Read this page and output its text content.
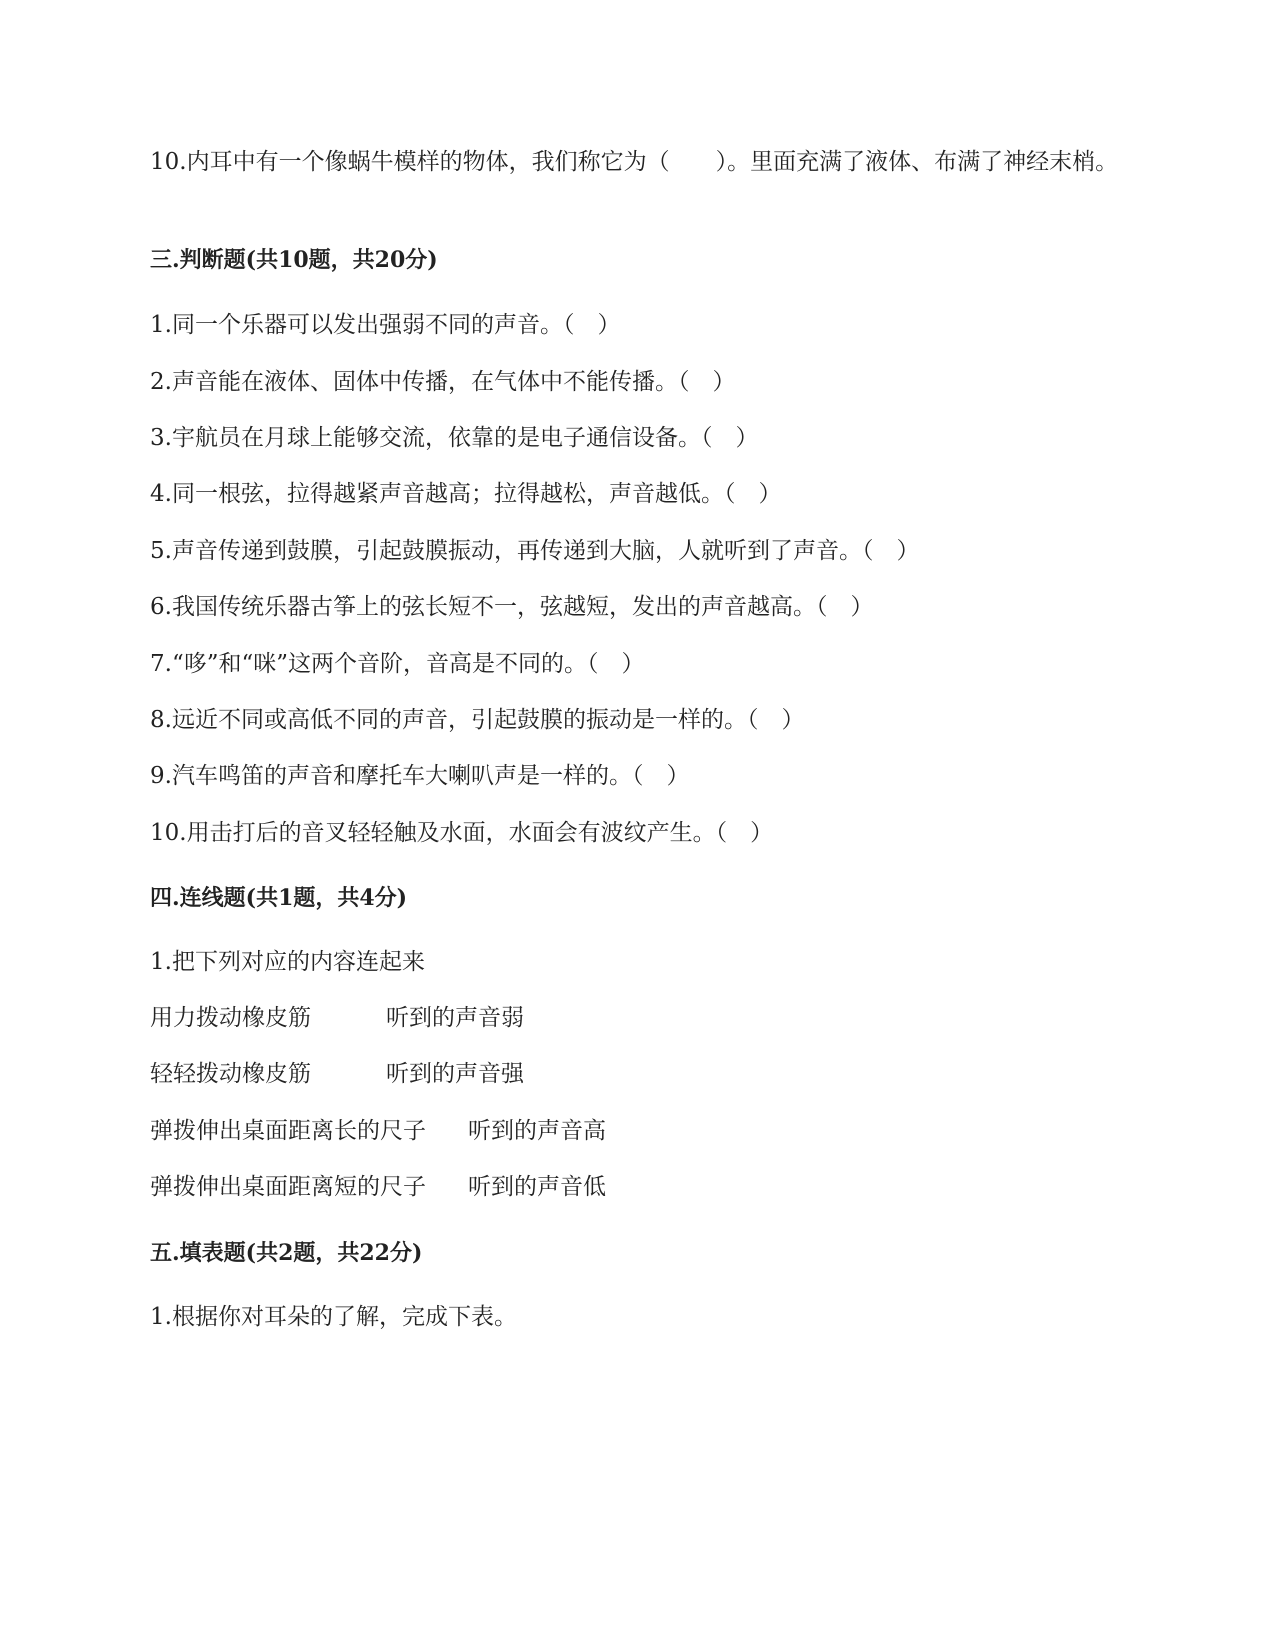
10.内耳中有一个像蜗牛模样的物体，我们称它为（　　）。里面充满了液体、布满了神经末梢。
三.判断题(共10题，共20分)
1.同一个乐器可以发出强弱不同的声音。（　）
2.声音能在液体、固体中传播，在气体中不能传播。（　）
3.宇航员在月球上能够交流，依靠的是电子通信设备。（　）
4.同一根弦，拉得越紧声音越高；拉得越松，声音越低。（　）
5.声音传递到鼓膜，引起鼓膜振动，再传递到大脑，人就听到了声音。（　）
6.我国传统乐器古筝上的弦长短不一，弦越短，发出的声音越高。（　）
7.“哆”和“咪”这两个音阶，音高是不同的。（　）
8.远近不同或高低不同的声音，引起鼓膜的振动是一样的。（　）
9.汽车鸣笛的声音和摩托车大喇叭声是一样的。（　）
10.用击打后的音叉轻轻触及水面，水面会有波纹产生。（　）
四.连线题(共1题，共4分)
1.把下列对应的内容连起来
用力拨动橡皮筋	听到的声音弱
轻轻拨动橡皮筋	听到的声音强
弹拨伸出桌面距离长的尺子 听到的声音高
弹拨伸出桌面距离短的尺子 听到的声音低
五.填表题(共2题，共22分)
1.根据你对耳朵的了解，完成下表。
